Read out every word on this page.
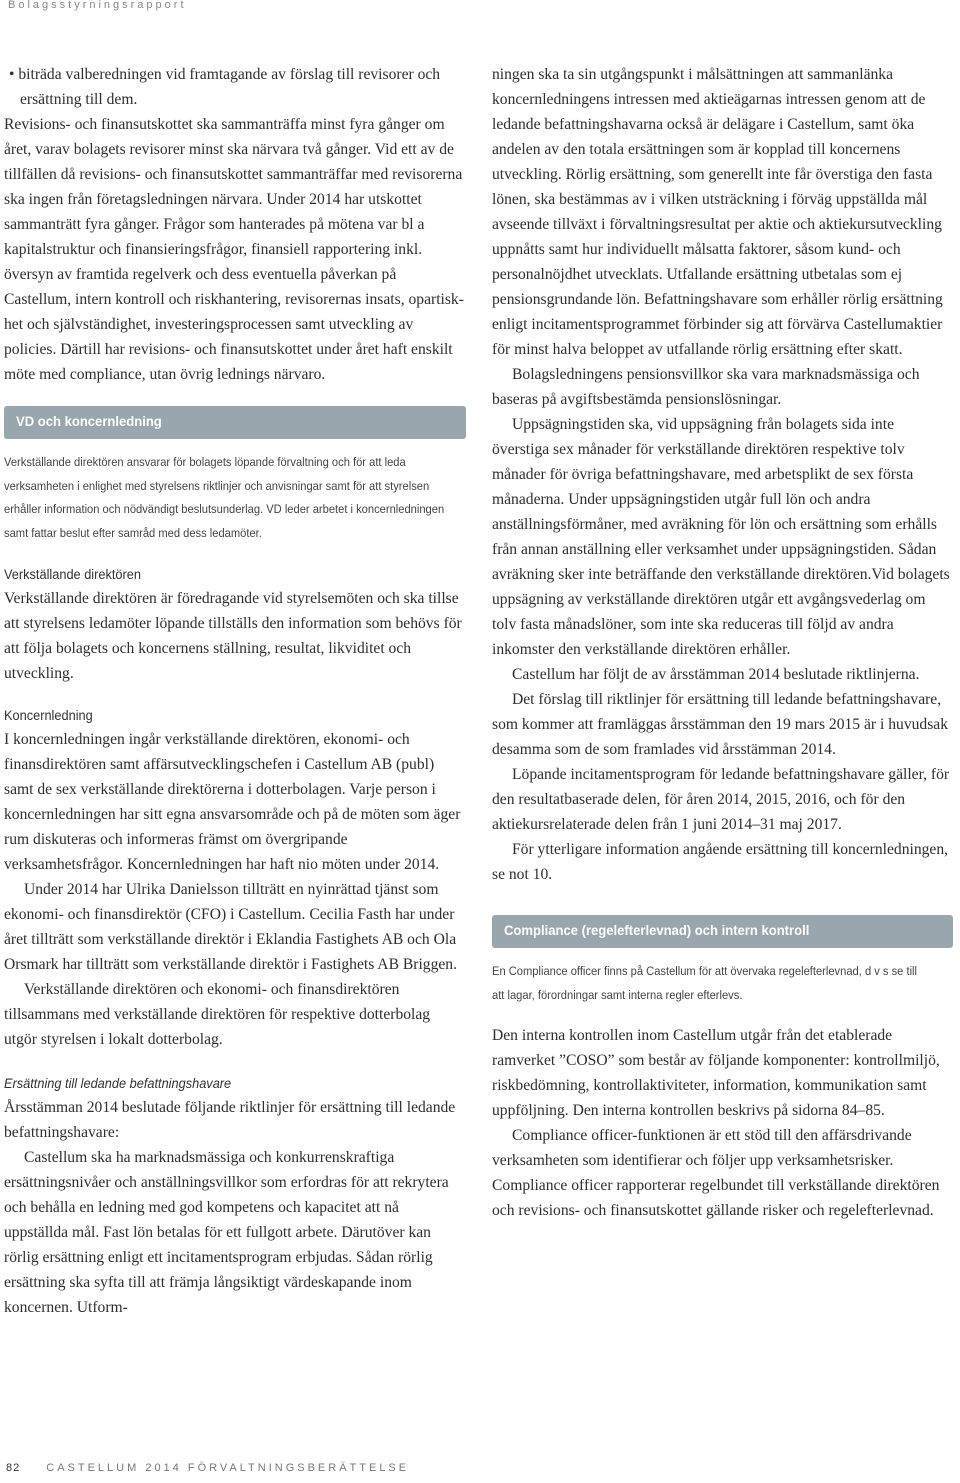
Bolagsstyrningsrapport

• biträda valberedningen vid framtagande av förslag till revisorer och ersättning till dem.

Revisions- och finansutskottet ska sammanträffa minst fyra gånger om året, varav bolagets revisorer minst ska närvara två gånger. Vid ett av de tillfällen då revisions- och finansutskottet sammanträffar med revisorerna ska ingen från företagsledningen närvara. Under 2014 har utskottet sammanträtt fyra gånger. Frågor som hanterades på mötena var bl a kapitalstruktur och finansieringsfrågor, finansiell rapportering inkl. översyn av framtida regelverk och dess eventuella påverkan på Castellum, intern kontroll och riskhantering, revisorernas insats, opartiskhet och självständighet, investeringsprocessen samt utveckling av policies. Därtill har revisions- och finansutskottet under året haft enskilt möte med compliance, utan övrig lednings närvaro.

VD och koncernledning

Verkställande direktören ansvarar för bolagets löpande förvaltning och för att leda verksamheten i enlighet med styrelsens riktlinjer och anvisningar samt för att styrelsen erhåller information och nödvändigt beslutsunderlag. VD leder arbetet i koncernledningen samt fattar beslut efter samråd med dess ledamöter.

Verkställande direktören

Verkställande direktören är föredragande vid styrelsemöten och ska tillse att styrelsens ledamöter löpande tillställs den information som behövs för att följa bolagets och koncernens ställning, resultat, likviditet och utveckling.

Koncernledning

I koncernledningen ingår verkställande direktören, ekonomi- och finansdirektören samt affärsutvecklingschefen i Castellum AB (publ) samt de sex verkställande direktörerna i dotterbolagen. Varje person i koncernledningen har sitt egna ansvarsområde och på de möten som äger rum diskuteras och informeras främst om övergripande verksamhetsfrågor. Koncernledningen har haft nio möten under 2014.

Under 2014 har Ulrika Danielsson tillträtt en nyinrättad tjänst som ekonomi- och finansdirektör (CFO) i Castellum. Cecilia Fasth har under året tillträtt som verkställande direktör i Eklandia Fastighets AB och Ola Orsmark har tillträtt som verkställande direktör i Fastighets AB Briggen.

Verkställande direktören och ekonomi- och finansdirektören tillsammans med verkställande direktören för respektive dotterbolag utgör styrelsen i lokalt dotterbolag.

Ersättning till ledande befattningshavare

Årsstämman 2014 beslutade följande riktlinjer för ersättning till ledande befattningshavare:

Castellum ska ha marknadsmässiga och konkurrenskraftiga ersättningsnivåer och anställningsvillkor som erfordras för att rekrytera och behålla en ledning med god kompetens och kapacitet att nå uppställda mål. Fast lön betalas för ett fullgott arbete. Därutöver kan rörlig ersättning enligt ett incitamentsprogram erbjudas. Sådan rörlig ersättning ska syfta till att främja långsiktigt värdeskapande inom koncernen. Utform-

ningen ska ta sin utgångspunkt i målsättningen att sammanlänka koncernledningens intressen med aktieägarnas intressen genom att de ledande befattningshavarna också är delägare i Castellum, samt öka andelen av den totala ersättningen som är kopplad till koncernens utveckling. Rörlig ersättning, som generellt inte får överstiga den fasta lönen, ska bestämmas av i vilken utsträckning i förväg uppställda mål avseende tillväxt i förvaltningsresultat per aktie och aktiekursutveckling uppnåtts samt hur individuellt målsatta faktorer, såsom kund- och personalnöjdhet utvecklats. Utfallande ersättning utbetalas som ej pensionsgrundande lön. Befattningshavare som erhåller rörlig ersättning enligt incitamentsprogrammet förbinder sig att förvärva Castellumaktier för minst halva beloppet av utfallande rörlig ersättning efter skatt.

Bolagsledningens pensionsvillkor ska vara marknadsmässiga och baseras på avgiftsbestämda pensionslösningar.

Uppsägningstiden ska, vid uppsägning från bolagets sida inte överstiga sex månader för verkställande direktören respektive tolv månader för övriga befattningshavare, med arbetsplikt de sex första månaderna. Under uppsägningstiden utgår full lön och andra anställningsförmåner, med avräkning för lön och ersättning som erhålls från annan anställning eller verksamhet under uppsägningstiden. Sådan avräkning sker inte beträffande den verkställande direktören.Vid bolagets uppsägning av verkställande direktören utgår ett avgångsvederlag om tolv fasta månadslöner, som inte ska reduceras till följd av andra inkomster den verkställande direktören erhåller.

Castellum har följt de av årsstämman 2014 beslutade riktlinjerna.

Det förslag till riktlinjer för ersättning till ledande befattningshavare, som kommer att framläggas årsstämman den 19 mars 2015 är i huvudsak desamma som de som framlades vid årsstämman 2014.

Löpande incitamentsprogram för ledande befattningshavare gäller, för den resultatbaserade delen, för åren 2014, 2015, 2016, och för den aktiekursrelaterade delen från 1 juni 2014–31 maj 2017.

För ytterligare information angående ersättning till koncernledningen, se not 10.

Compliance (regelefterlevnad) och intern kontroll

En Compliance officer finns på Castellum för att övervaka regelefterlevnad, d v s se till att lagar, förordningar samt interna regler efterlevs.

Den interna kontrollen inom Castellum utgår från det etablerade ramverket ”COSO” som består av följande komponenter: kontrollmiljö, riskbedömning, kontrollaktiviteter, information, kommunikation samt uppföljning. Den interna kontrollen beskrivs på sidorna 84–85.

Compliance officer-funktionen är ett stöd till den affärsdrivande verksamheten som identifierar och följer upp verksamhetsrisker. Compliance officer rapporterar regelbundet till verkställande direktören och revisions- och finansutskottet gällande risker och regelefterlevnad.

82 CASTELLUM 2014 FÖRVALTNINGSBERÄTTELSE
